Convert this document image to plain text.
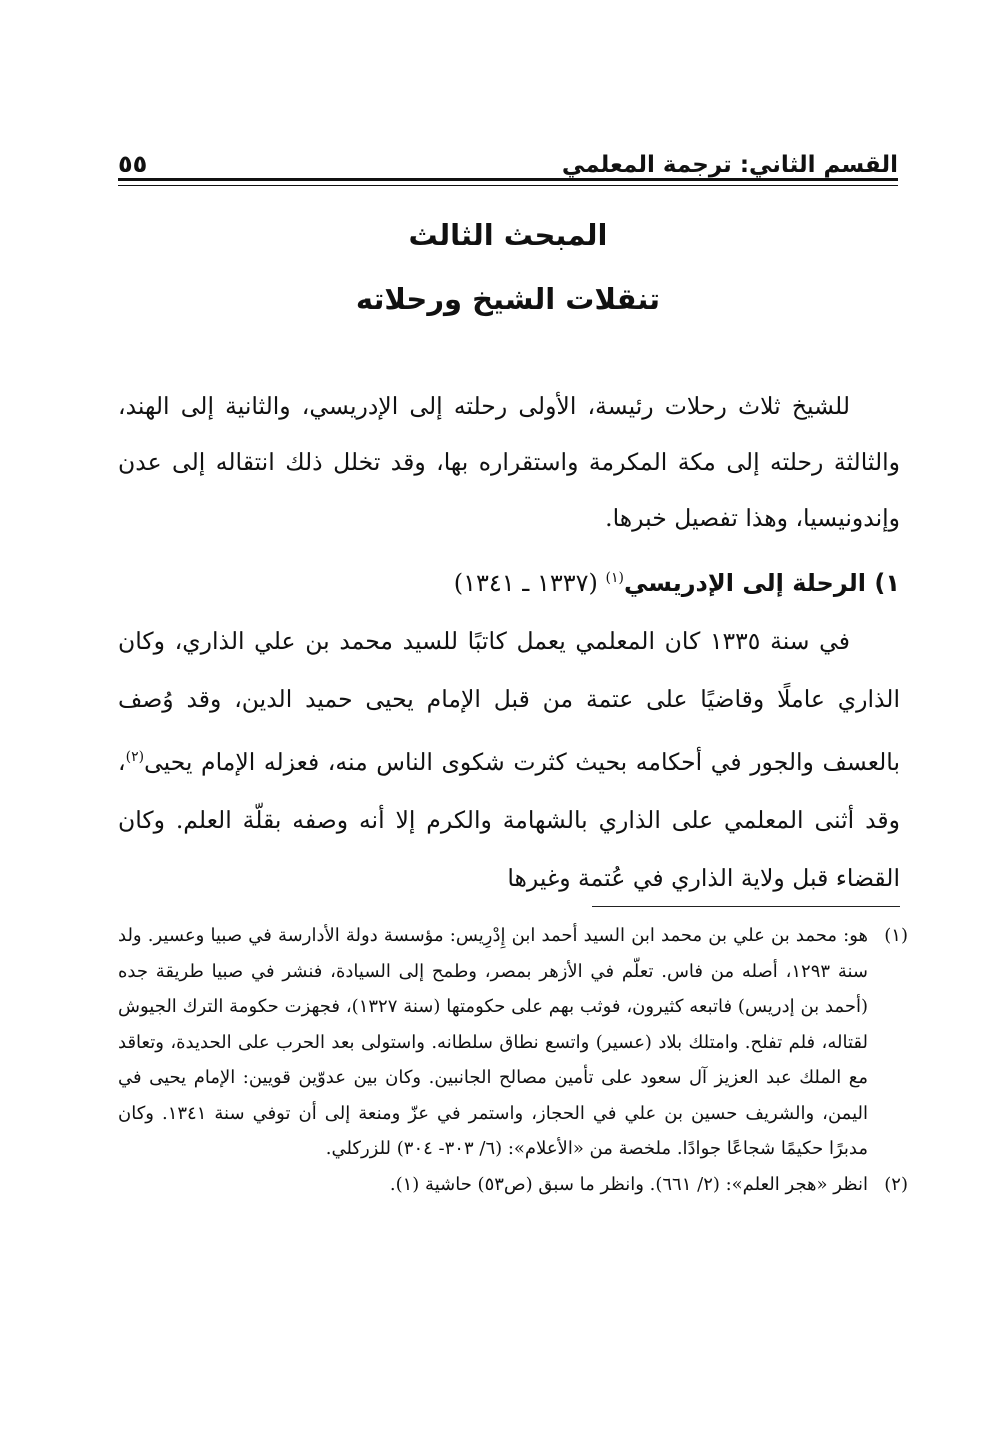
القسم الثاني: ترجمة المعلمي
٥٥
المبحث الثالث
تنقلات الشيخ ورحلاته

للشيخ ثلاث رحلات رئيسة، الأولى رحلته إلى الإدريسي، والثانية إلى الهند، والثالثة رحلته إلى مكة المكرمة واستقراره بها، وقد تخلل ذلك انتقاله إلى عدن وإندونيسيا، وهذا تفصيل خبرها.

١) الرحلة إلى الإدريسي$^{(١)}$ (١٣٣٧ ـ ١٣٤١)

في سنة ١٣٣٥ كان المعلمي يعمل كاتبًا للسيد محمد بن علي الذاري، وكان الذاري عاملًا وقاضيًا على عتمة من قبل الإمام يحيى حميد الدين، وقد وُصف بالعسف والجور في أحكامه بحيث كثرت شكوى الناس منه، فعزله الإمام يحيى$^{(٢)}$، وقد أثنى المعلمي على الذاري بالشهامة والكرم إلا أنه وصفه بقلّة العلم. وكان القضاء قبل ولاية الذاري في عُتمة وغيرها

(١)
هو: محمد بن علي بن محمد ابن السيد أحمد ابن إِدْرِيس: مؤسسة دولة الأدارسة في صبيا وعسير. ولد سنة ١٢٩٣، أصله من فاس. تعلّم في الأزهر بمصر، وطمح إلى السيادة، فنشر في صبيا طريقة جده (أحمد بن إدريس) فاتبعه كثيرون، فوثب بهم على حكومتها (سنة ١٣٢٧)، فجهزت حكومة الترك الجيوش لقتاله، فلم تفلح. وامتلك بلاد (عسير) واتسع نطاق سلطانه. واستولى بعد الحرب على الحديدة، وتعاقد مع الملك عبد العزيز آل سعود على تأمين مصالح الجانبين. وكان بين عدوّين قويين: الإمام يحيى في اليمن، والشريف حسين بن علي في الحجاز، واستمر في عزّ ومنعة إلى أن توفي سنة ١٣٤١. وكان مدبرًا حكيمًا شجاعًا جوادًا. ملخصة من «الأعلام»: (٦/ ٣٠٣- ٣٠٤) للزركلي.
(٢)
انظر «هجر العلم»: (٢/ ٦٦١). وانظر ما سبق (ص٥٣) حاشية (١).
